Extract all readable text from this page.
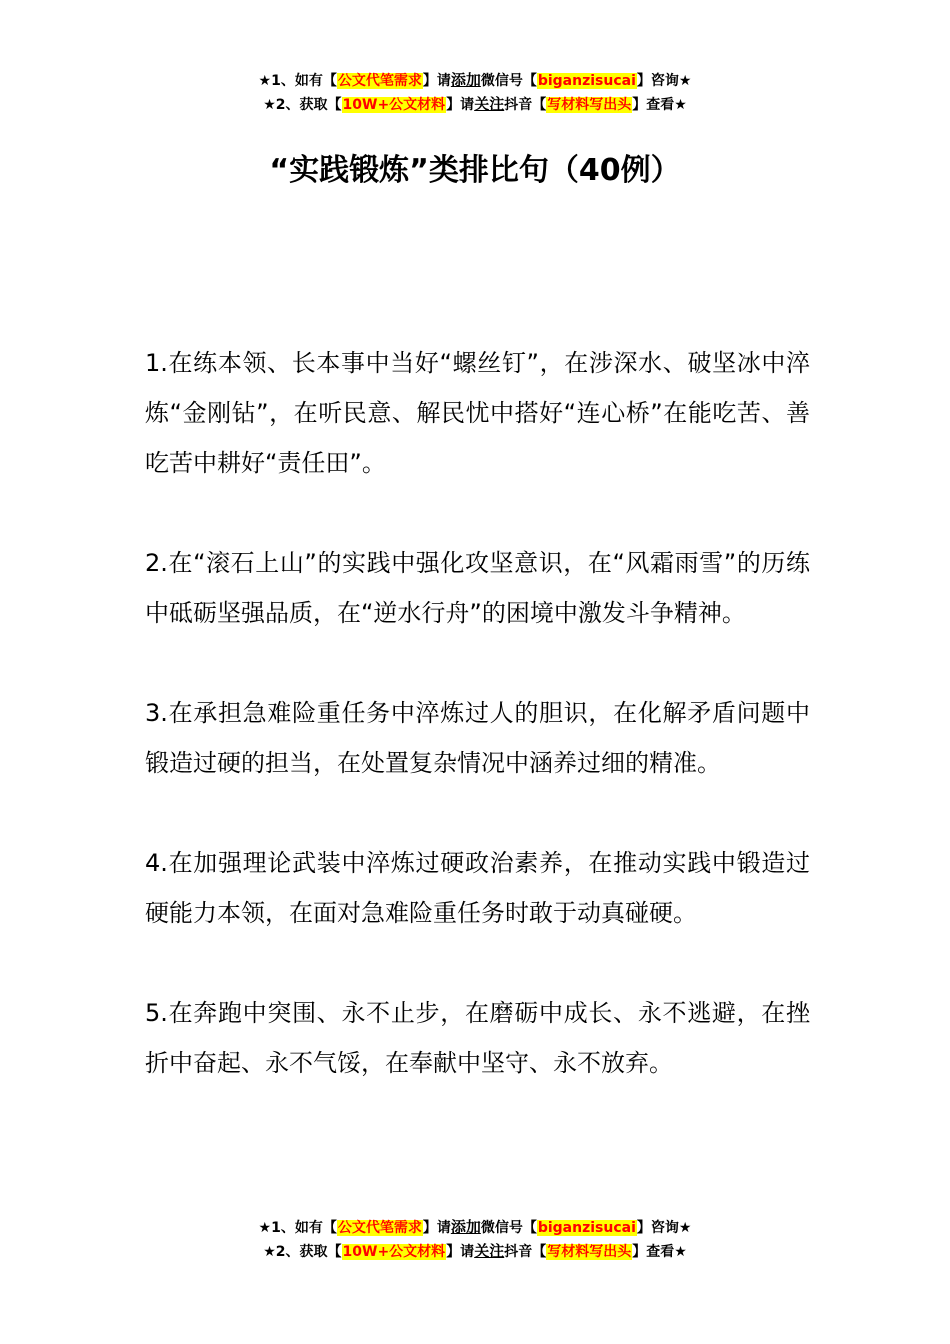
★1、如有【公文代笔需求】请添加微信号【biganzisucai】咨询★
★2、获取【10W+公文材料】请关注抖音【写材料写出头】查看★
“实践锻炼”类排比句（40例）

1.在练本领、长本事中当好“螺丝钉”，在涉深水、破坚冰中淬炼“金刚钻”，在听民意、解民忧中搭好“连心桥”在能吃苦、善吃苦中耕好“责任田”。

2.在“滚石上山”的实践中强化攻坚意识，在“风霜雨雪”的历练中砥砺坚强品质，在“逆水行舟”的困境中激发斗争精神。

3.在承担急难险重任务中淬炼过人的胆识，在化解矛盾问题中锻造过硬的担当，在处置复杂情况中涵养过细的精准。

4.在加强理论武装中淬炼过硬政治素养，在推动实践中锻造过硬能力本领，在面对急难险重任务时敢于动真碰硬。

5.在奔跑中突围、永不止步，在磨砺中成长、永不逃避，在挫折中奋起、永不气馁，在奉献中坚守、永不放弃。

★1、如有【公文代笔需求】请添加微信号【biganzisucai】咨询★
★2、获取【10W+公文材料】请关注抖音【写材料写出头】查看★
